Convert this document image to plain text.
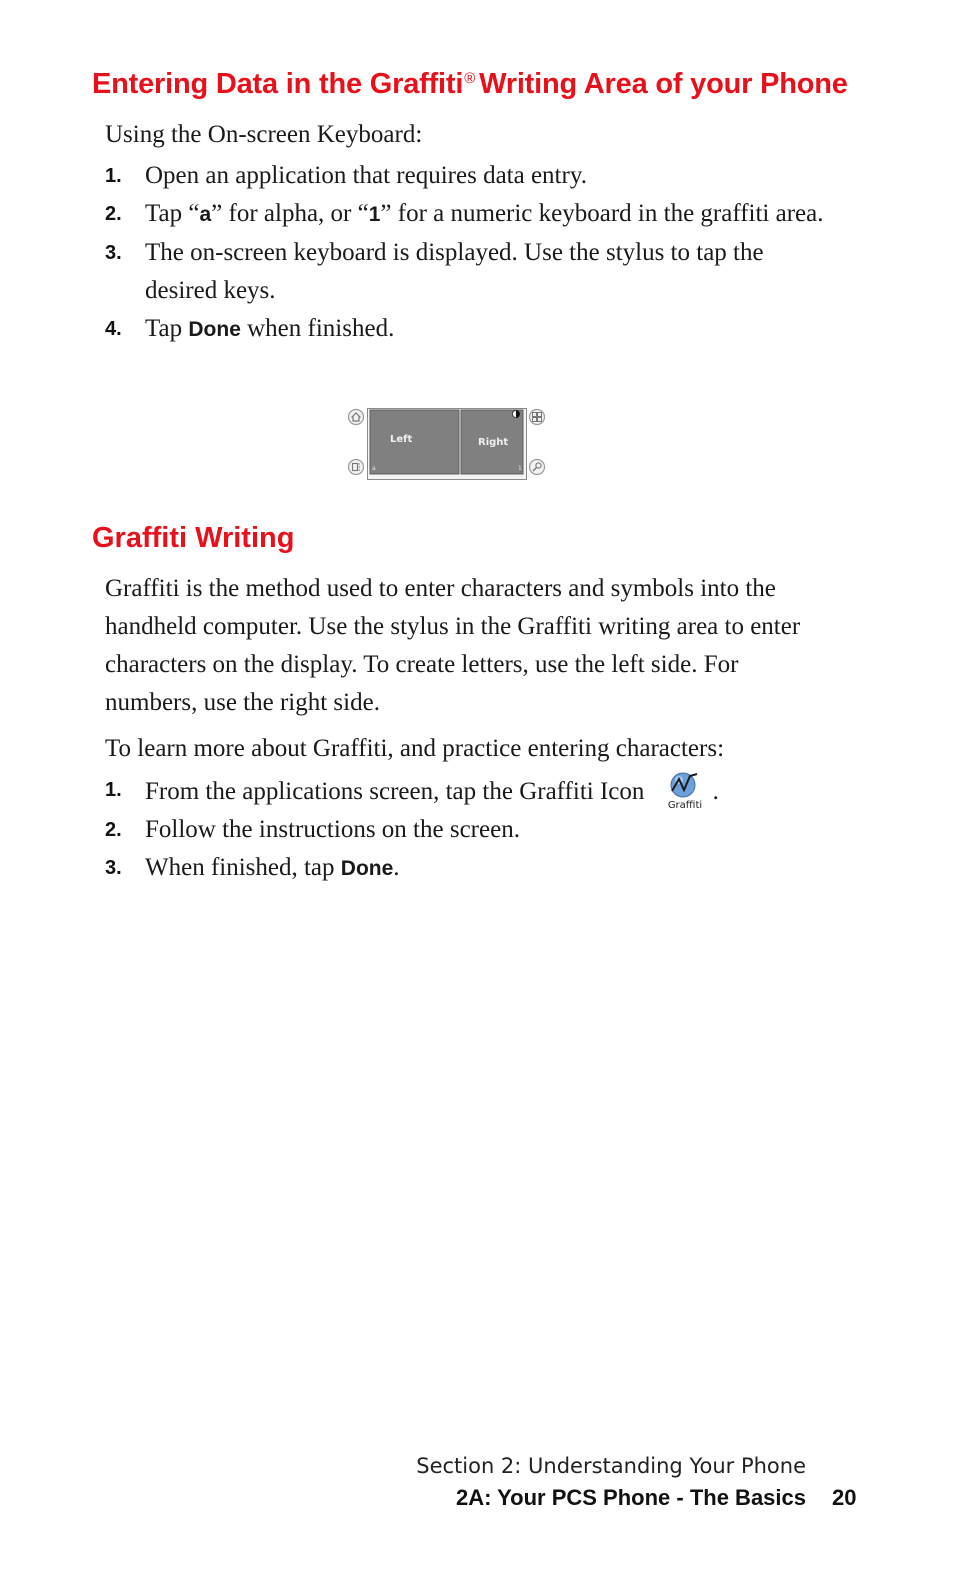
Entering Data in the Graffiti® Writing Area of your Phone

Using the On-screen Keyboard:

1. Open an application that requires data entry.
2. Tap “a” for alpha, or “1” for a numeric keyboard in the graffiti area.
3. The on-screen keyboard is displayed. Use the stylus to tap the desired keys.
4. Tap Done when finished.
Left	Right
a	1
Graffiti Writing

Graffiti is the method used to enter characters and symbols into the handheld computer. Use the stylus in the Graffiti writing area to enter characters on the display. To create letters, use the left side. For numbers, use the right side.

To learn more about Graffiti, and practice entering characters:

1. From the applications screen, tap the Graffiti Icon
Graffiti
.
2. Follow the instructions on the screen.
3. When finished, tap Done.
Section 2: Understanding Your Phone
2A: Your PCS Phone - The Basics 20
